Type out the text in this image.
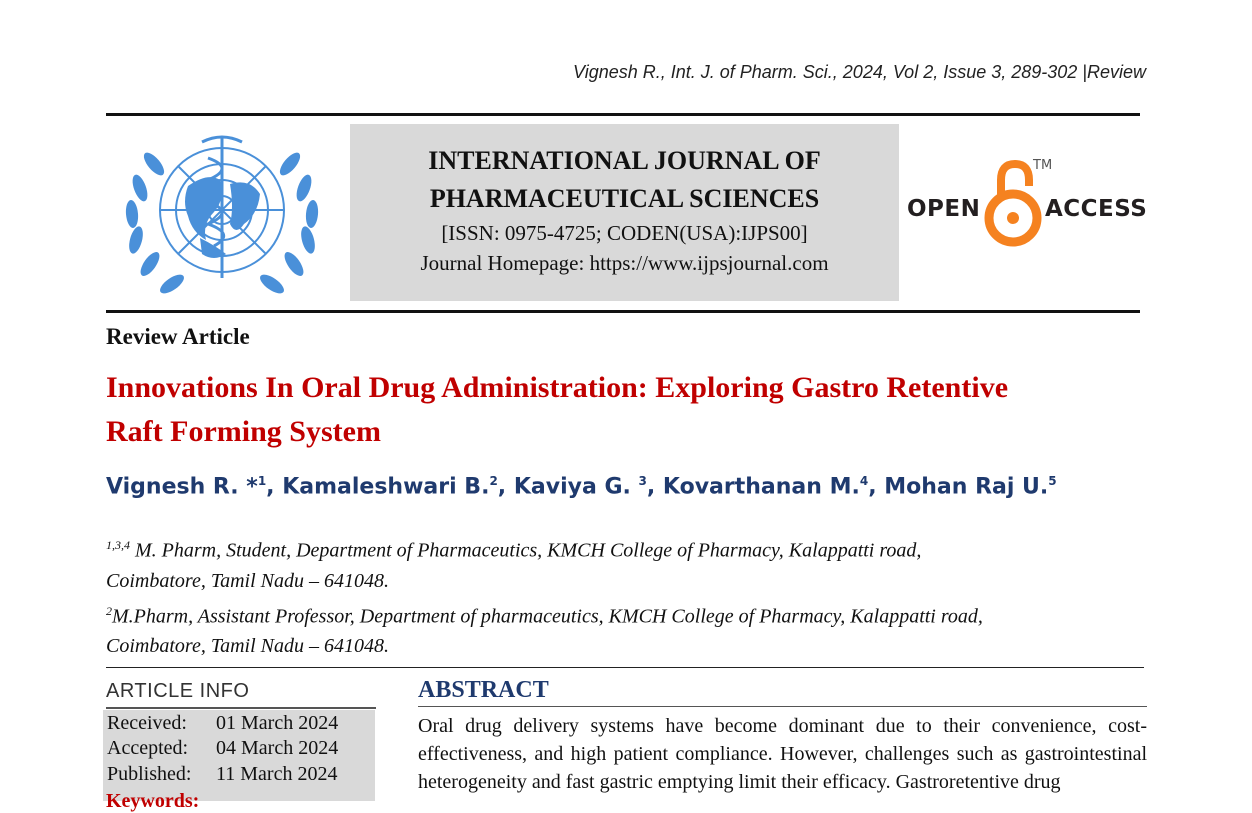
Vignesh R., Int. J. of Pharm. Sci., 2024, Vol 2, Issue 3, 289-302 |Review
INTERNATIONAL JOURNAL OF
PHARMACEUTICAL SCIENCES
[ISSN: 0975-4725; CODEN(USA):IJPS00]
Journal Homepage: https://www.ijpsjournal.com
OPEN
TM
ACCESS
Review Article
Innovations In Oral Drug Administration: Exploring Gastro Retentive
Raft Forming System
Vignesh R. *$^1$, Kamaleshwari B.$^2$, Kaviya G. $^3$, Kovarthanan M.$^4$, Mohan Raj U.$^5$
$^{1,3,4}$ M. Pharm, Student, Department of Pharmaceutics, KMCH College of Pharmacy, Kalappatti road,
Coimbatore, Tamil Nadu – 641048.
$^2$M.Pharm, Assistant Professor, Department of pharmaceutics, KMCH College of Pharmacy, Kalappatti road,
Coimbatore, Tamil Nadu – 641048.
ARTICLE INFO
Received: 01 March 2024
Accepted: 04 March 2024
Published: 11 March 2024
Keywords:
ABSTRACT
Oral drug delivery systems have become dominant due to their convenience, cost-effectiveness, and high patient compliance. However, challenges such as gastrointestinal heterogeneity and fast gastric emptying limit their efficacy. Gastroretentive drug
